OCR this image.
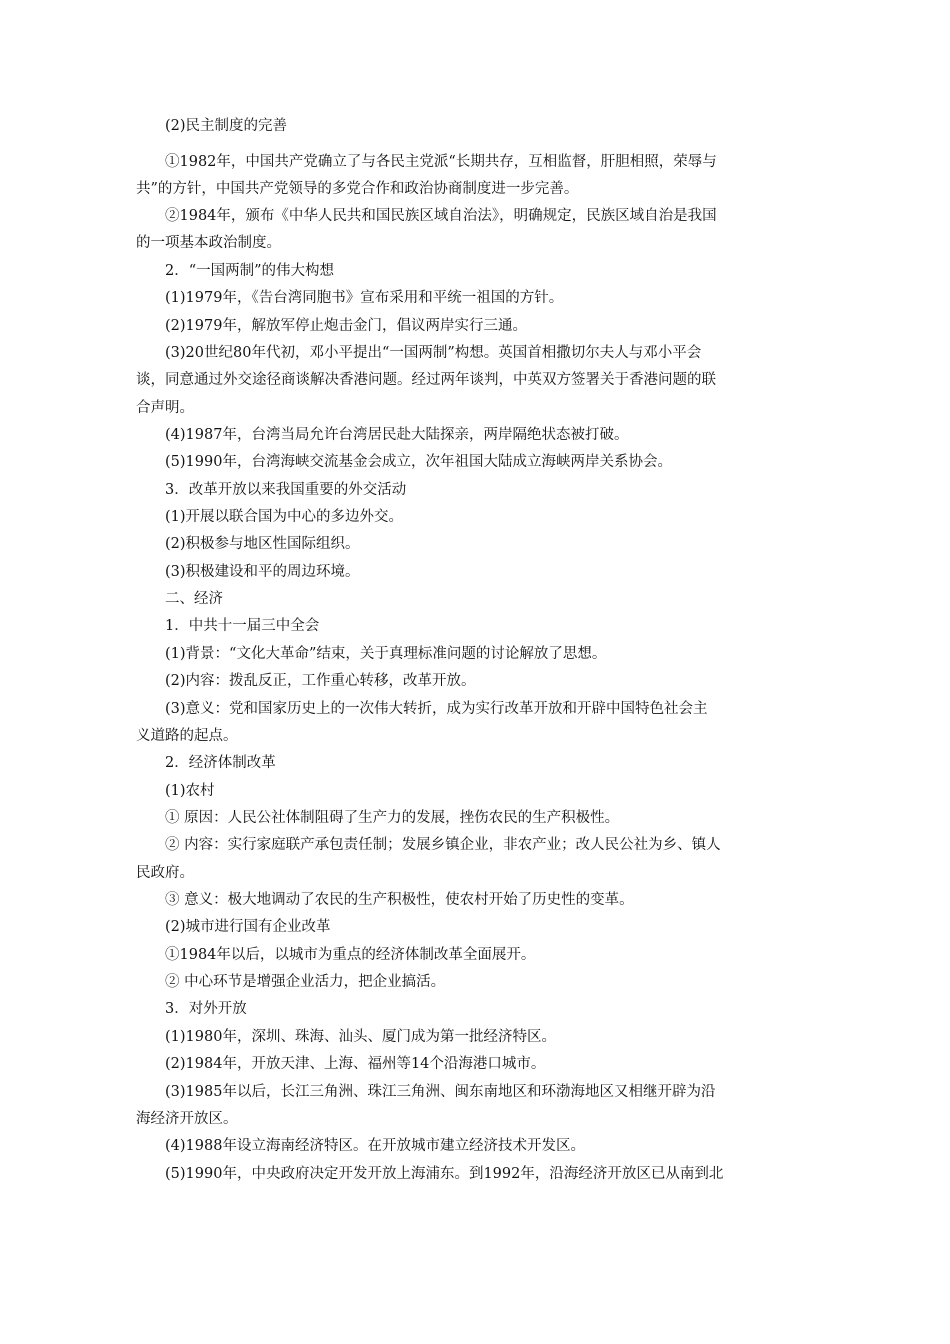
(2)民主制度的完善
①1982年，中国共产党确立了与各民主党派“长期共存，互相监督，肝胆相照，荣辱与
共”的方针，中国共产党领导的多党合作和政治协商制度进一步完善。
②1984年，颁布《中华人民共和国民族区域自治法》，明确规定，民族区域自治是我国
的一项基本政治制度。
2．“一国两制”的伟大构想
(1)1979年，《告台湾同胞书》宣布采用和平统一祖国的方针。
(2)1979年，解放军停止炮击金门，倡议两岸实行三通。
(3)20世纪80年代初，邓小平提出“一国两制”构想。英国首相撒切尔夫人与邓小平会
谈，同意通过外交途径商谈解决香港问题。经过两年谈判，中英双方签署关于香港问题的联
合声明。
(4)1987年，台湾当局允许台湾居民赴大陆探亲，两岸隔绝状态被打破。
(5)1990年，台湾海峡交流基金会成立，次年祖国大陆成立海峡两岸关系协会。
3．改革开放以来我国重要的外交活动
(1)开展以联合国为中心的多边外交。
(2)积极参与地区性国际组织。
(3)积极建设和平的周边环境。
二、经济
1．中共十一届三中全会
(1)背景：“文化大革命”结束，关于真理标准问题的讨论解放了思想。
(2)内容：拨乱反正，工作重心转移，改革开放。
(3)意义：党和国家历史上的一次伟大转折，成为实行改革开放和开辟中国特色社会主
义道路的起点。
2．经济体制改革
(1)农村
① 原因：人民公社体制阻碍了生产力的发展，挫伤农民的生产积极性。
② 内容：实行家庭联产承包责任制；发展乡镇企业，非农产业；改人民公社为乡、镇人
民政府。
③ 意义：极大地调动了农民的生产积极性，使农村开始了历史性的变革。
(2)城市进行国有企业改革
①1984年以后，以城市为重点的经济体制改革全面展开。
② 中心环节是增强企业活力，把企业搞活。
3．对外开放
(1)1980年，深圳、珠海、汕头、厦门成为第一批经济特区。
(2)1984年，开放天津、上海、福州等14个沿海港口城市。
(3)1985年以后，长江三角洲、珠江三角洲、闽东南地区和环渤海地区又相继开辟为沿
海经济开放区。
(4)1988年设立海南经济特区。在开放城市建立经济技术开发区。
(5)1990年，中央政府决定开发开放上海浦东。到1992年，沿海经济开放区已从南到北
